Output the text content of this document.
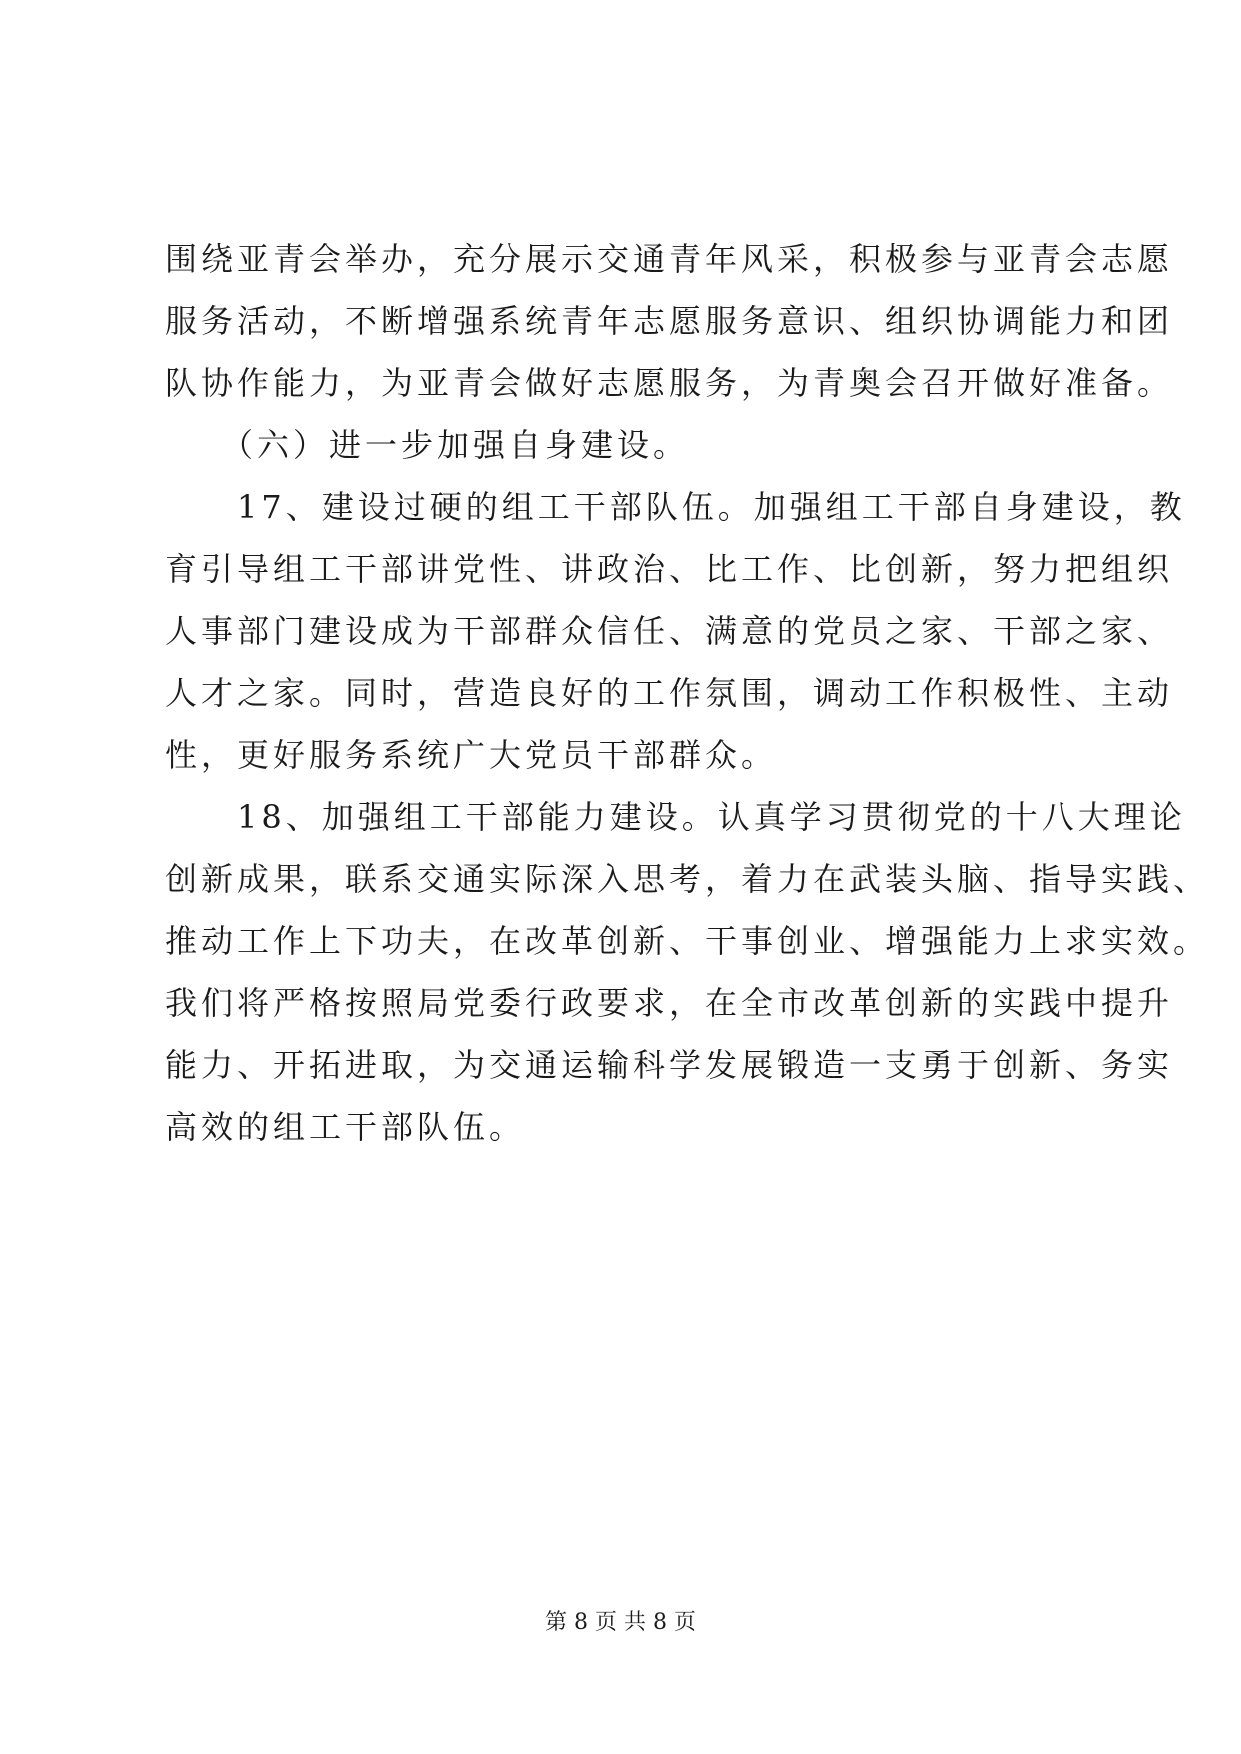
围绕亚青会举办，充分展示交通青年风采，积极参与亚青会志愿
服务活动，不断增强系统青年志愿服务意识、组织协调能力和团
队协作能力，为亚青会做好志愿服务，为青奥会召开做好准备。
　　（六）进一步加强自身建设。
　　17、建设过硬的组工干部队伍。加强组工干部自身建设，教
育引导组工干部讲党性、讲政治、比工作、比创新，努力把组织
人事部门建设成为干部群众信任、满意的党员之家、干部之家、
人才之家。同时，营造良好的工作氛围，调动工作积极性、主动
性，更好服务系统广大党员干部群众。
　　18、加强组工干部能力建设。认真学习贯彻党的十八大理论
创新成果，联系交通实际深入思考，着力在武装头脑、指导实践、
推动工作上下功夫，在改革创新、干事创业、增强能力上求实效。
我们将严格按照局党委行政要求，在全市改革创新的实践中提升
能力、开拓进取，为交通运输科学发展锻造一支勇于创新、务实
高效的组工干部队伍。
第 8 页 共 8 页
